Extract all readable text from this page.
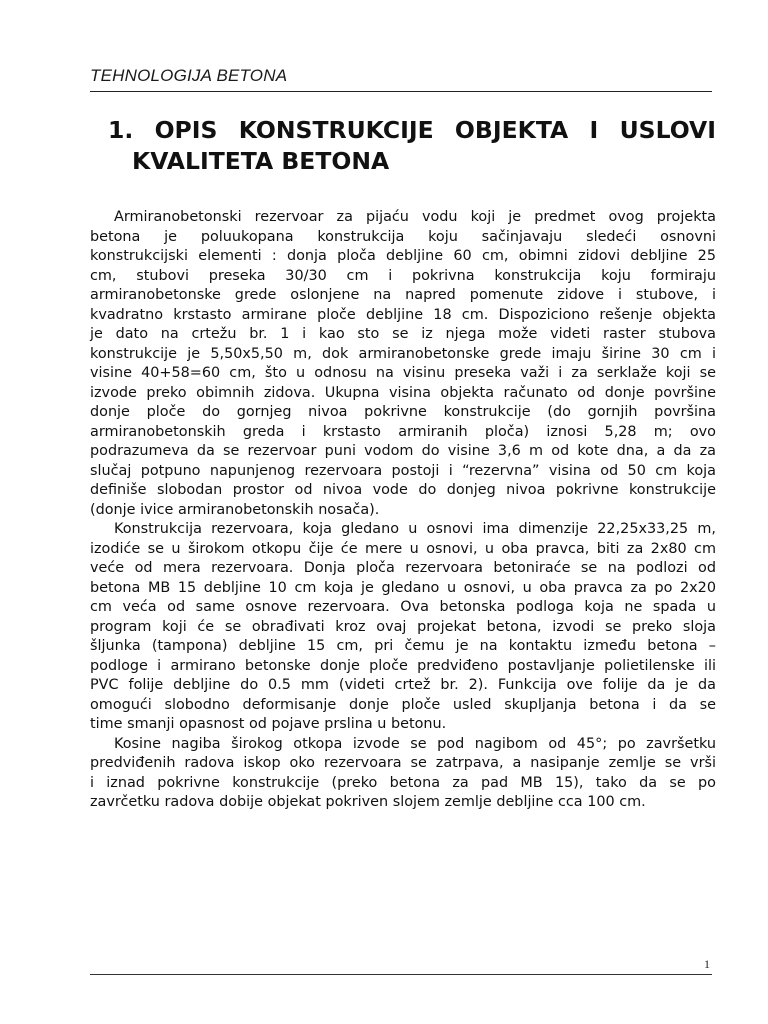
TEHNOLOGIJA BETONA
1. OPIS KONSTRUKCIJE OBJEKTA I USLOVI
KVALITETA BETONA
Armiranobetonski rezervoar za pijaću vodu koji je predmet ovog projekta
betona je poluukopana konstrukcija koju sačinjavaju sledeći osnovni
konstrukcijski elementi : donja ploča debljine 60 cm, obimni zidovi debljine 25
cm, stubovi preseka 30/30 cm i pokrivna konstrukcija koju formiraju
armiranobetonske grede oslonjene na napred pomenute zidove i stubove, i
kvadratno krstasto armirane ploče debljine 18 cm. Dispoziciono rešenje objekta
je dato na crtežu br. 1 i kao sto se iz njega može videti raster stubova
konstrukcije je 5,50x5,50 m, dok armiranobetonske grede imaju širine 30 cm i
visine 40+58=60 cm, što u odnosu na visinu preseka važi i za serklaže koji se
izvode preko obimnih zidova. Ukupna visina objekta računato od donje površine
donje ploče do gornjeg nivoa pokrivne konstrukcije (do gornjih površina
armiranobetonskih greda i krstasto armiranih ploča) iznosi 5,28 m; ovo
podrazumeva da se rezervoar puni vodom do visine 3,6 m od kote dna, a da za
slučaj potpuno napunjenog rezervoara postoji i “rezervna” visina od 50 cm koja
definiše slobodan prostor od nivoa vode do donjeg nivoa pokrivne konstrukcije
(donje ivice armiranobetonskih nosača).
Konstrukcija rezervoara, koja gledano u osnovi ima dimenzije 22,25x33,25 m,
izodiće se u širokom otkopu čije će mere u osnovi, u oba pravca, biti za 2x80 cm
veće od mera rezervoara. Donja ploča rezervoara betoniraće se na podlozi od
betona MB 15 debljine 10 cm koja je gledano u osnovi, u oba pravca za po 2x20
cm veća od same osnove rezervoara. Ova betonska podloga koja ne spada u
program koji će se obrađivati kroz ovaj projekat betona, izvodi se preko sloja
šljunka (tampona) debljine 15 cm, pri čemu je na kontaktu između betona –
podloge i armirano betonske donje ploče predviđeno postavljanje polietilenske ili
PVC folije debljine do 0.5 mm (videti crtež br. 2). Funkcija ove folije da je da
omogući slobodno deformisanje donje ploče usled skupljanja betona i da se
time smanji opasnost od pojave prslina u betonu.
Kosine nagiba širokog otkopa izvode se pod nagibom od 45°; po završetku
predviđenih radova iskop oko rezervoara se zatrpava, a nasipanje zemlje se vrši
i iznad pokrivne konstrukcije (preko betona za pad MB 15), tako da se po
zavrčetku radova dobije objekat pokriven slojem zemlje debljine cca 100 cm.
1
